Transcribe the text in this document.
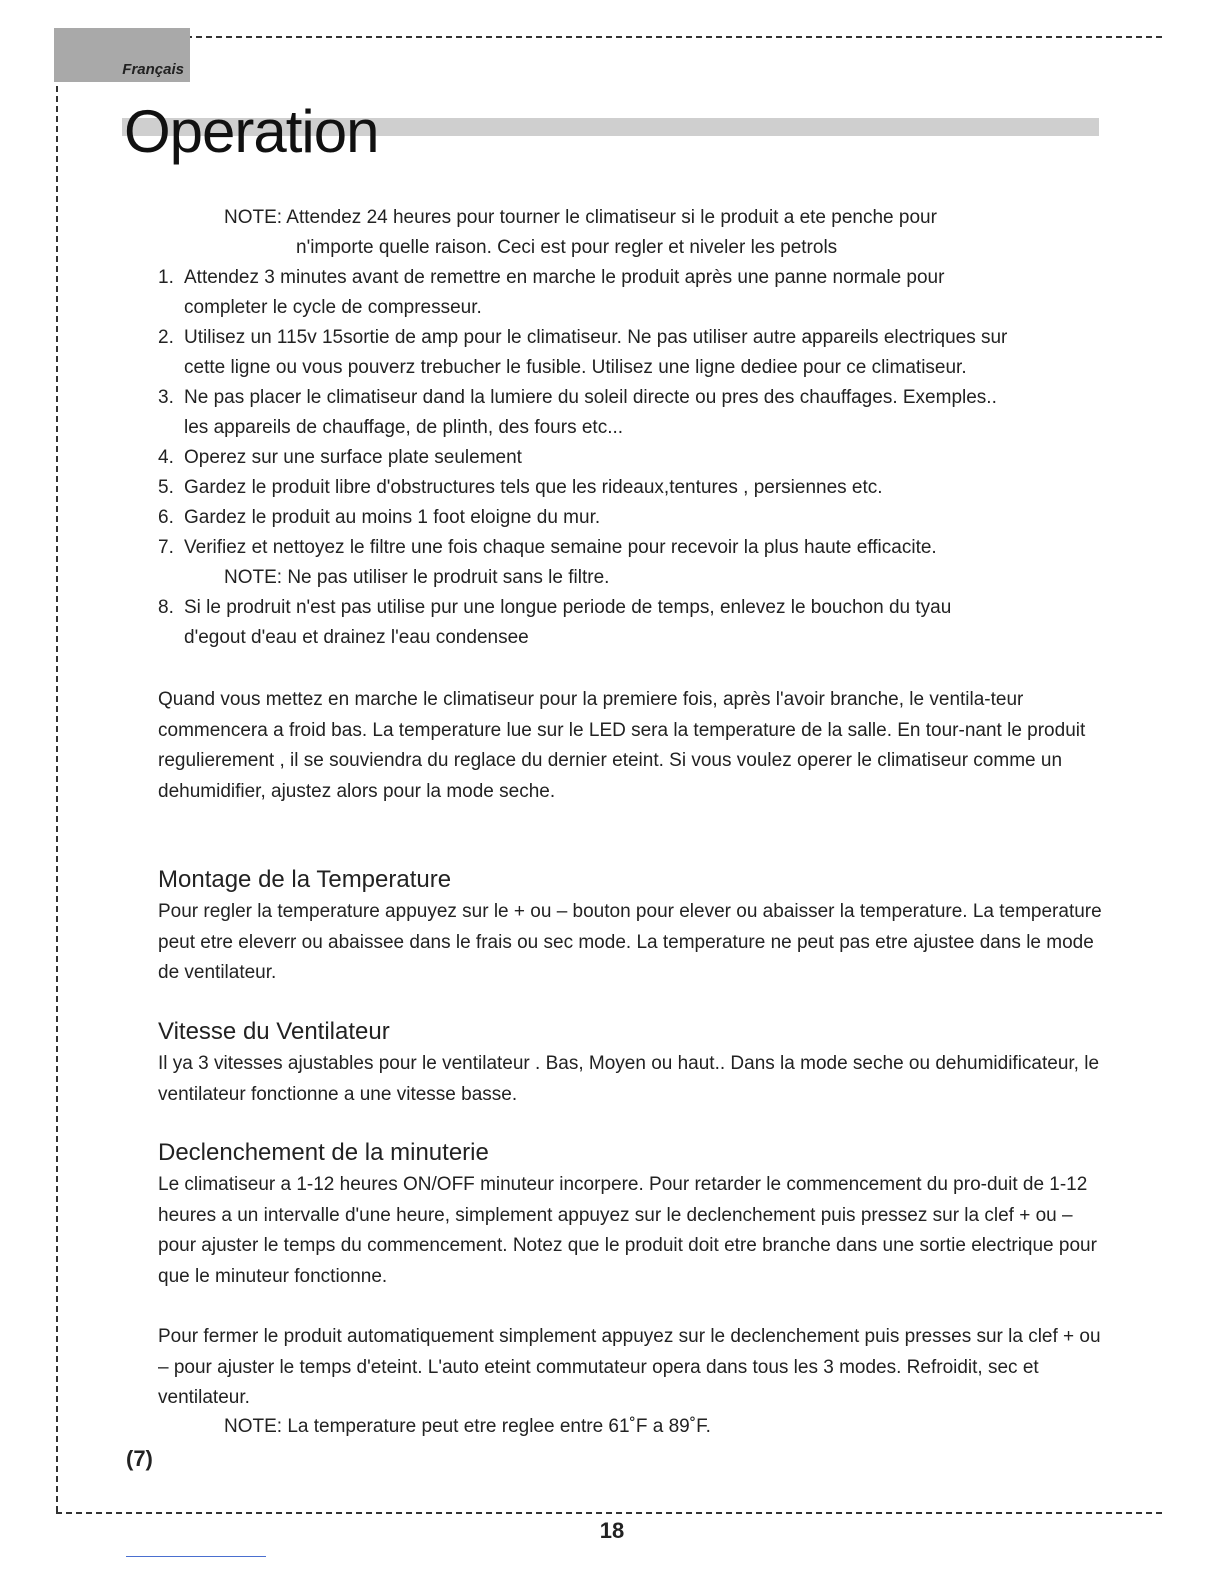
Français
Operation

NOTE: Attendez 24 heures pour tourner le climatiseur si le produit a ete penche pour

n'importe quelle raison. Ceci est pour regler et niveler les petrols

1. Attendez 3 minutes avant de remettre en marche le produit après une panne normale pour
completer le cycle de compresseur.
2. Utilisez un 115v 15sortie de amp pour le climatiseur. Ne pas utiliser autre appareils electriques sur
cette ligne ou vous pouverz trebucher le fusible. Utilisez une ligne dediee pour ce climatiseur.
3. Ne pas placer le climatiseur dand la lumiere du soleil directe ou pres des chauffages. Exemples..
les appareils de chauffage, de plinth, des fours etc...
4. Operez sur une surface plate seulement
5. Gardez le produit libre d'obstructures tels que les rideaux,tentures , persiennes etc.
6. Gardez le produit au moins 1 foot eloigne du mur.
7. Verifiez et nettoyez le filtre une fois chaque semaine pour recevoir la plus haute efficacite.
NOTE: Ne pas utiliser le prodruit sans le filtre.
8. Si le prodruit n'est pas utilise pur une longue periode de temps, enlevez le bouchon du tyau
d'egout d'eau et drainez l'eau condensee

Quand vous mettez en marche le climatiseur pour la premiere fois, après l'avoir branche, le ventila-teur commencera a froid bas. La temperature lue sur le LED sera la temperature de la salle. En tour-nant le produit regulierement , il se souviendra du reglace du dernier eteint. Si vous voulez operer le climatiseur comme un dehumidifier, ajustez alors pour la mode seche.

Montage de la Temperature

Pour regler la temperature appuyez sur le + ou – bouton pour elever ou abaisser la temperature. La temperature peut etre eleverr ou abaissee dans le frais ou sec mode. La temperature ne peut pas etre ajustee dans le mode de ventilateur.

Vitesse du Ventilateur

Il ya 3 vitesses ajustables pour le ventilateur . Bas, Moyen ou haut.. Dans la mode seche ou dehumidificateur, le ventilateur fonctionne a une vitesse basse.

Declenchement de la minuterie

Le climatiseur a 1-12 heures ON/OFF minuteur incorpere. Pour retarder le commencement du pro-duit de 1-12 heures a un intervalle d'une heure, simplement appuyez sur le declenchement puis pressez sur la clef + ou – pour ajuster le temps du commencement. Notez que le produit doit etre branche dans une sortie electrique pour que le minuteur fonctionne.

Pour fermer le produit automatiquement simplement appuyez sur le declenchement puis presses sur la clef + ou – pour ajuster le temps d'eteint. L'auto eteint commutateur opera dans tous les 3 modes. Refroidit, sec et ventilateur.

NOTE: La temperature peut etre reglee entre 61˚F a 89˚F.

(7)
18
